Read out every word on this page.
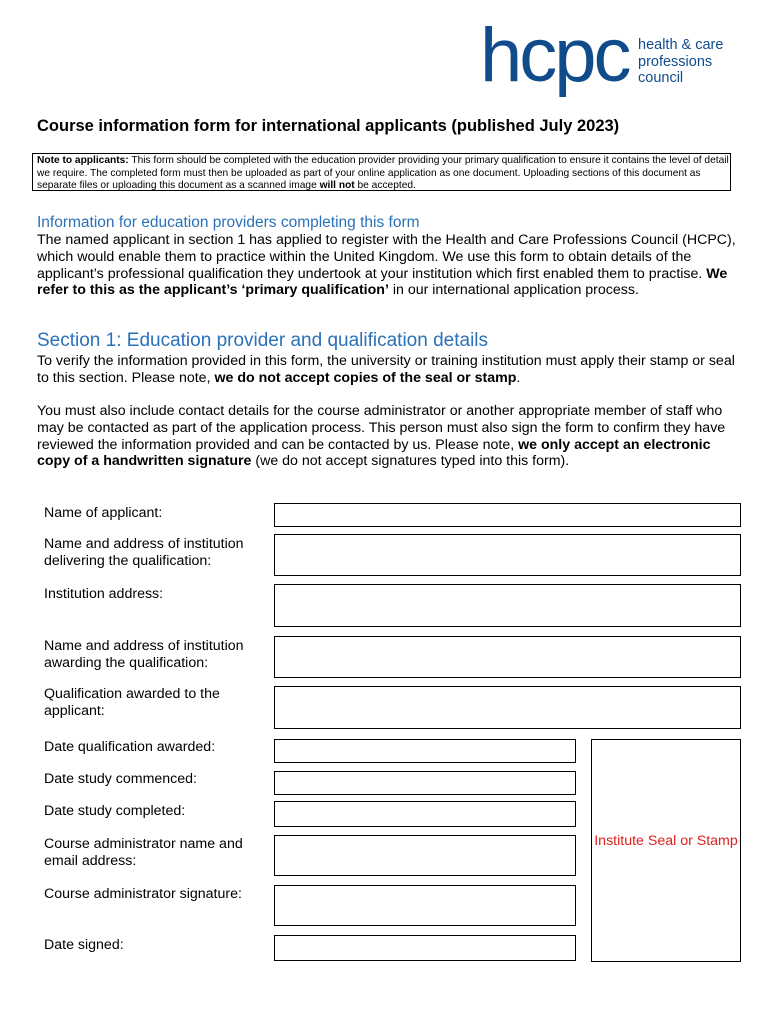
hcpc health & care
professions
council
Course information form for international applicants (published July 2023)
Note to applicants: This form should be completed with the education provider providing your primary qualification to ensure it contains the level of detail we require. The completed form must then be uploaded as part of your online application as one document. Uploading sections of this document as separate files or uploading this document as a scanned image will not be accepted.
Information for education providers completing this form
The named applicant in section 1 has applied to register with the Health and Care Professions Council (HCPC), which would enable them to practice within the United Kingdom. We use this form to obtain details of the applicant’s professional qualification they undertook at your institution which first enabled them to practise. We refer to this as the applicant’s ‘primary qualification’ in our international application process.
Section 1: Education provider and qualification details
To verify the information provided in this form, the university or training institution must apply their stamp or seal to this section. Please note, we do not accept copies of the seal or stamp.
You must also include contact details for the course administrator or another appropriate member of staff who may be contacted as part of the application process. This person must also sign the form to confirm they have reviewed the information provided and can be contacted by us. Please note, we only accept an electronic copy of a handwritten signature (we do not accept signatures typed into this form).
Name of applicant:
Name and address of institution delivering the qualification:
Institution address:
Name and address of institution awarding the qualification:
Qualification awarded to the applicant:
Date qualification awarded:
Date study commenced:
Date study completed:
Course administrator name and email address:
Course administrator signature:
Date signed:
Institute Seal or Stamp
